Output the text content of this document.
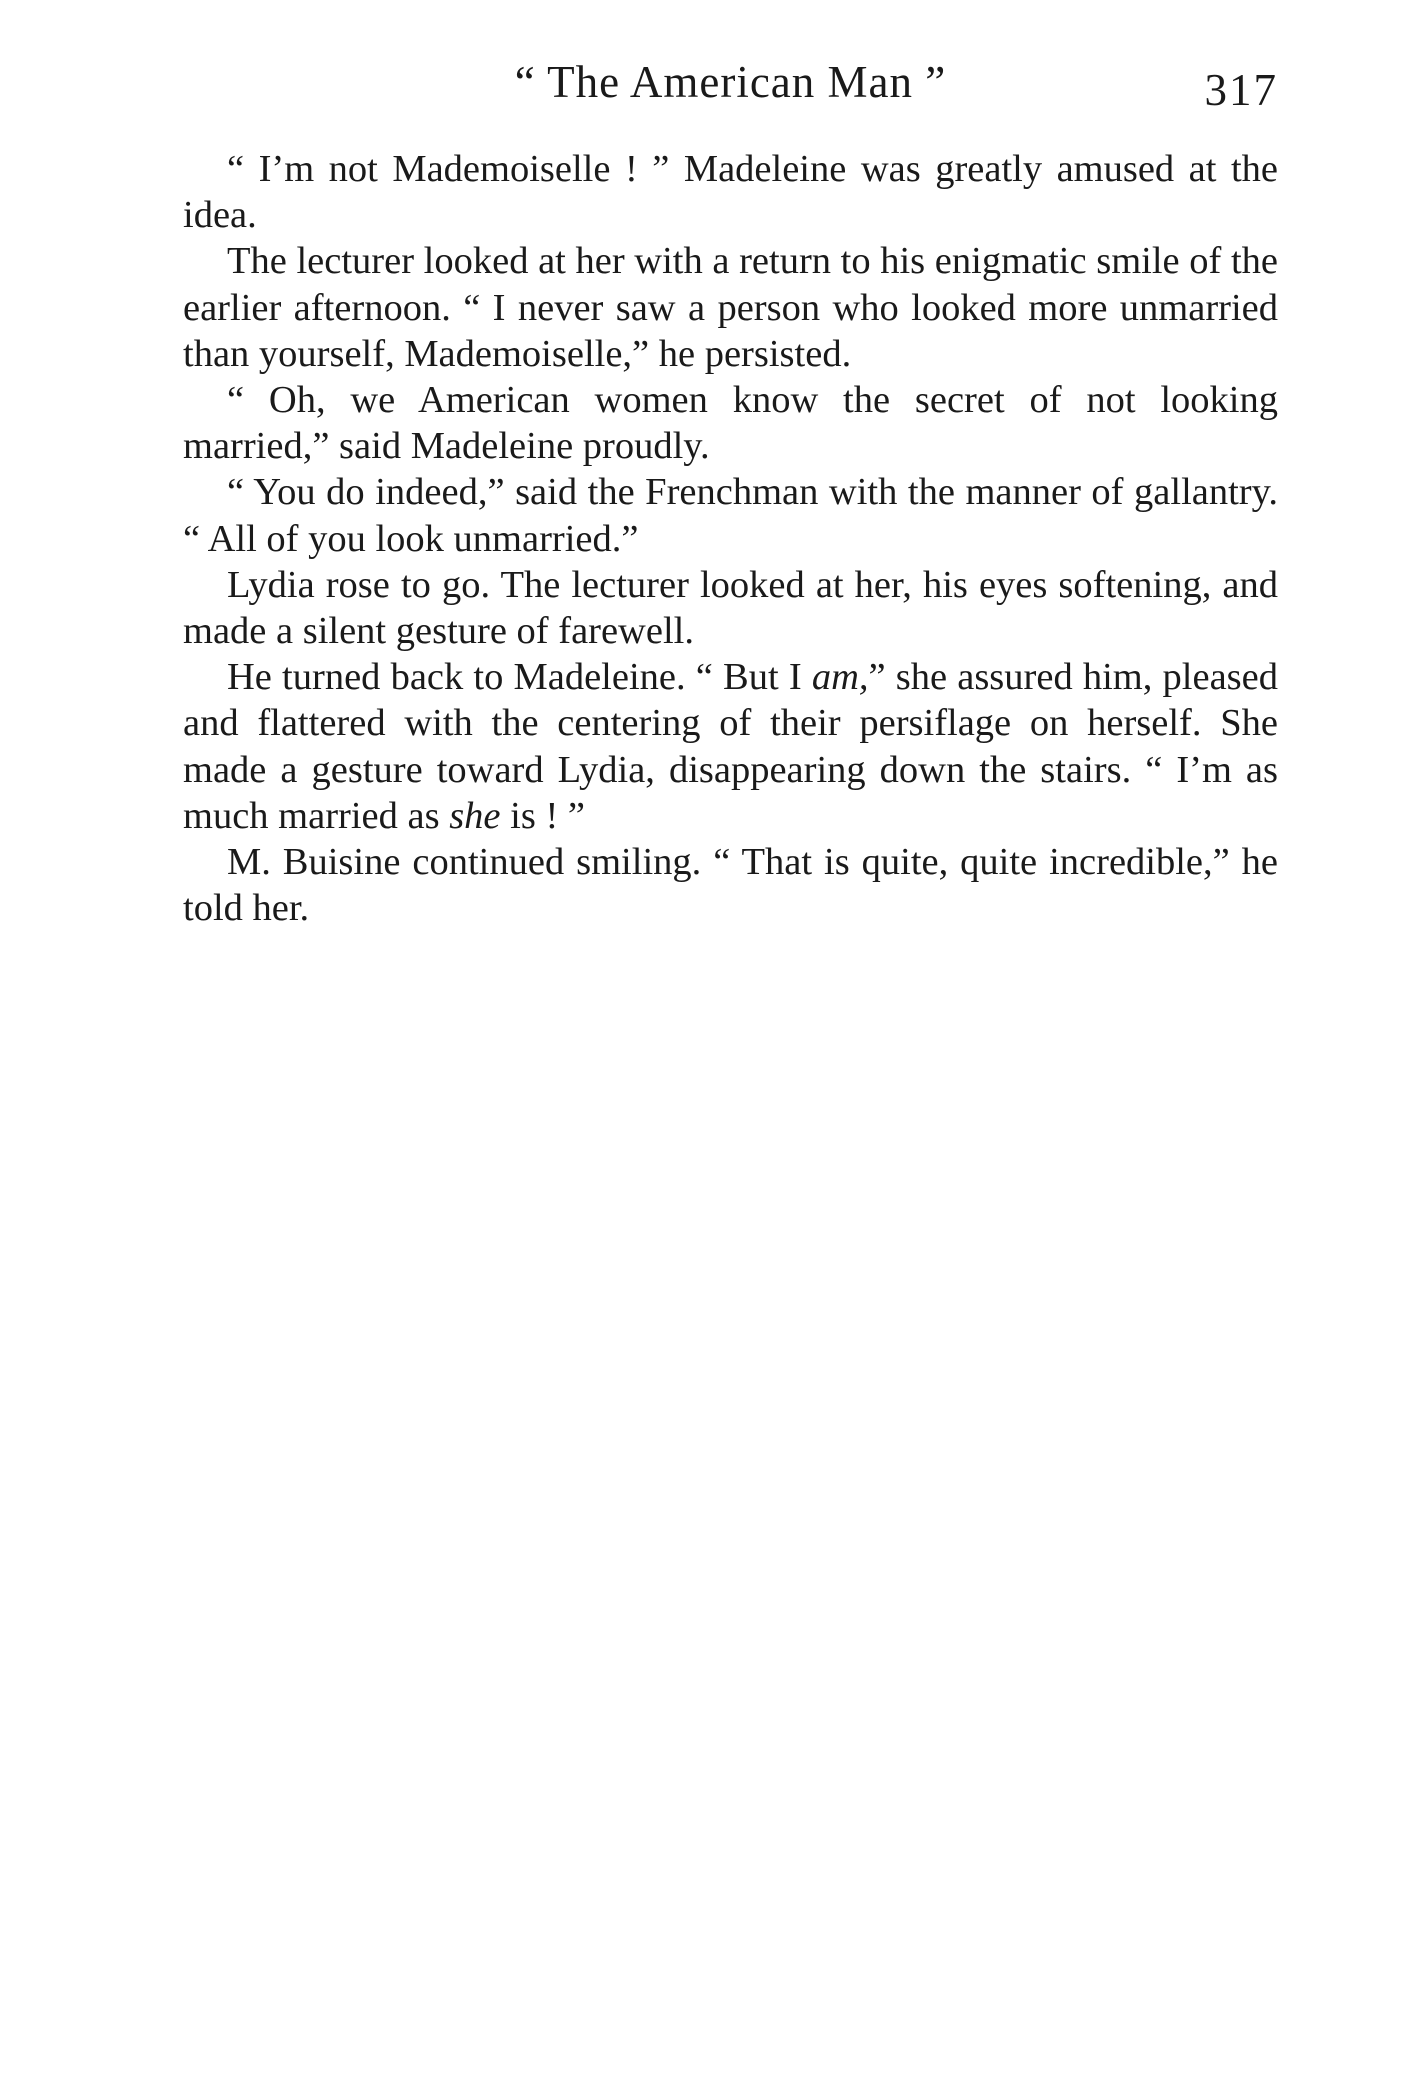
“ The American Man ”	317

“ I’m not Mademoiselle ! ” Madeleine was greatly amused at the idea.

The lecturer looked at her with a return to his enigmatic smile of the earlier afternoon. “ I never saw a person who looked more unmarried than yourself, Mademoiselle,” he persisted.

“ Oh, we American women know the secret of not looking married,” said Madeleine proudly.

“ You do indeed,” said the Frenchman with the manner of gallantry. “ All of you look unmarried.”

Lydia rose to go. The lecturer looked at her, his eyes softening, and made a silent gesture of farewell.

He turned back to Madeleine. “ But I am,” she assured him, pleased and flattered with the centering of their persiflage on herself. She made a gesture toward Lydia, disappearing down the stairs. “ I’m as much married as she is ! ”

M. Buisine continued smiling. “ That is quite, quite incredible,” he told her.
